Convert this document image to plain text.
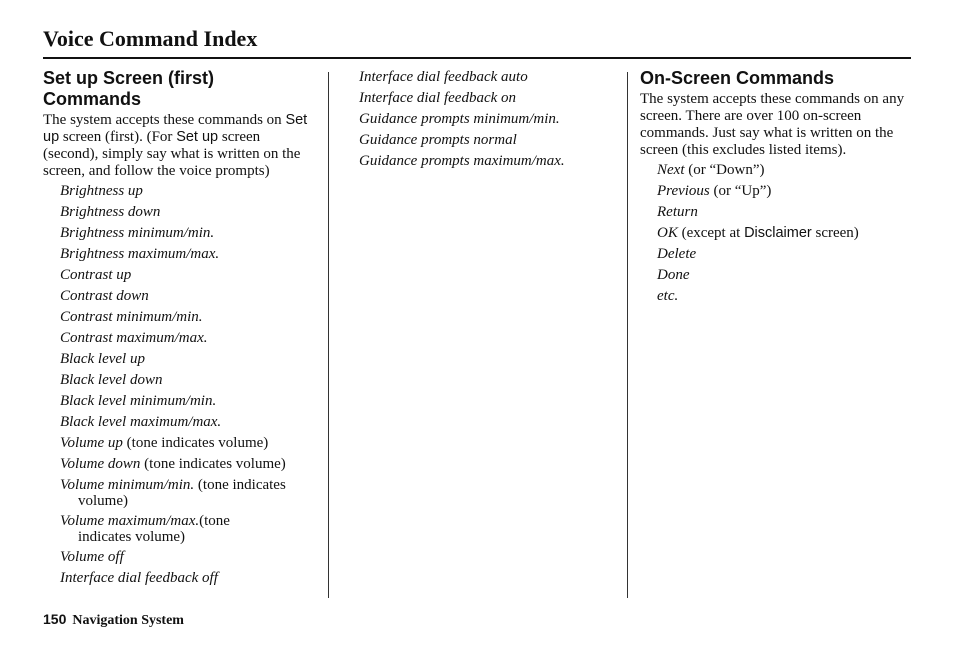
Voice Command Index
Set up Screen (first)
Commands

The system accepts these commands on Set up screen (first). (For Set up screen (second), simply say what is written on the screen, and follow the voice prompts)

Brightness up
Brightness down
Brightness minimum/min.
Brightness maximum/max.
Contrast up
Contrast down
Contrast minimum/min.
Contrast maximum/max.
Black level up
Black level down
Black level minimum/min.
Black level maximum/max.
Volume up (tone indicates volume)
Volume down (tone indicates volume)
Volume minimum/min. (tone indicates
volume)
Volume maximum/max.(tone
indicates volume)
Volume off
Interface dial feedback off
Interface dial feedback auto
Interface dial feedback on
Guidance prompts minimum/min.
Guidance prompts normal
Guidance prompts maximum/max.
On-Screen Commands

The system accepts these commands on any screen. There are over 100 on-screen commands. Just say what is written on the screen (this excludes listed items).

Next (or “Down”)
Previous (or “Up”)
Return
OK (except at Disclaimer screen)
Delete
Done
etc.
150 Navigation System
